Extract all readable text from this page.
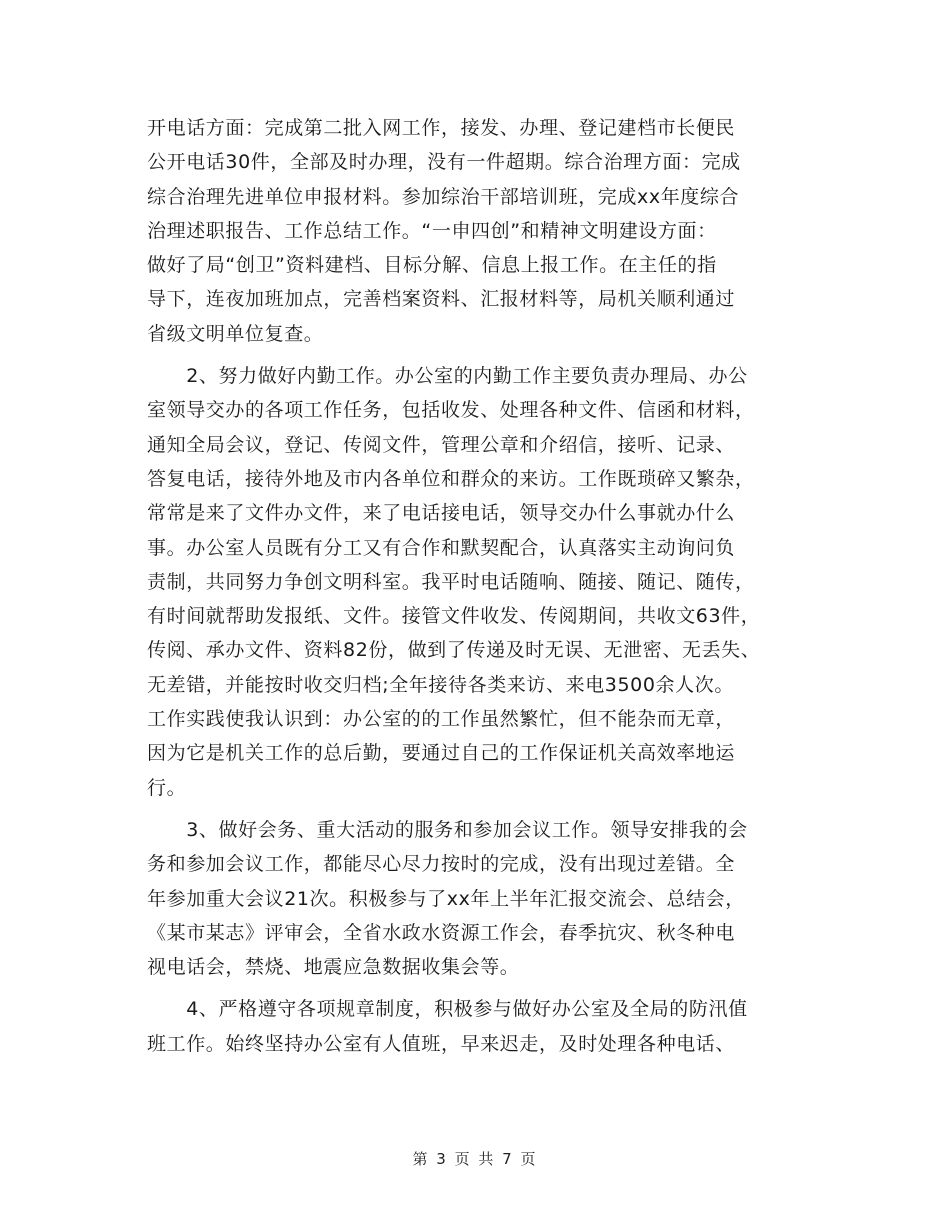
开电话方面：完成第二批入网工作，接发、办理、登记建档市长便民
公开电话30件，全部及时办理，没有一件超期。综合治理方面：完成
综合治理先进单位申报材料。参加综治干部培训班，完成xx年度综合
治理述职报告、工作总结工作。“一申四创”和精神文明建设方面：
做好了局“创卫”资料建档、目标分解、信息上报工作。在主任的指
导下，连夜加班加点，完善档案资料、汇报材料等，局机关顺利通过
省级文明单位复查。
　　2、努力做好内勤工作。办公室的内勤工作主要负责办理局、办公
室领导交办的各项工作任务，包括收发、处理各种文件、信函和材料，
通知全局会议，登记、传阅文件，管理公章和介绍信，接听、记录、
答复电话，接待外地及市内各单位和群众的来访。工作既琐碎又繁杂，
常常是来了文件办文件，来了电话接电话，领导交办什么事就办什么
事。办公室人员既有分工又有合作和默契配合，认真落实主动询问负
责制，共同努力争创文明科室。我平时电话随响、随接、随记、随传，
有时间就帮助发报纸、文件。接管文件收发、传阅期间，共收文63件，
传阅、承办文件、资料82份，做到了传递及时无误、无泄密、无丢失、
无差错，并能按时收交归档;全年接待各类来访、来电3500余人次。
工作实践使我认识到：办公室的的工作虽然繁忙，但不能杂而无章，
因为它是机关工作的总后勤，要通过自己的工作保证机关高效率地运
行。
　　3、做好会务、重大活动的服务和参加会议工作。领导安排我的会
务和参加会议工作，都能尽心尽力按时的完成，没有出现过差错。全
年参加重大会议21次。积极参与了xx年上半年汇报交流会、总结会，
《某市某志》评审会，全省水政水资源工作会，春季抗灾、秋冬种电
视电话会，禁烧、地震应急数据收集会等。
　　4、严格遵守各项规章制度，积极参与做好办公室及全局的防汛值
班工作。始终坚持办公室有人值班，早来迟走，及时处理各种电话、
第 3 页 共 7 页
